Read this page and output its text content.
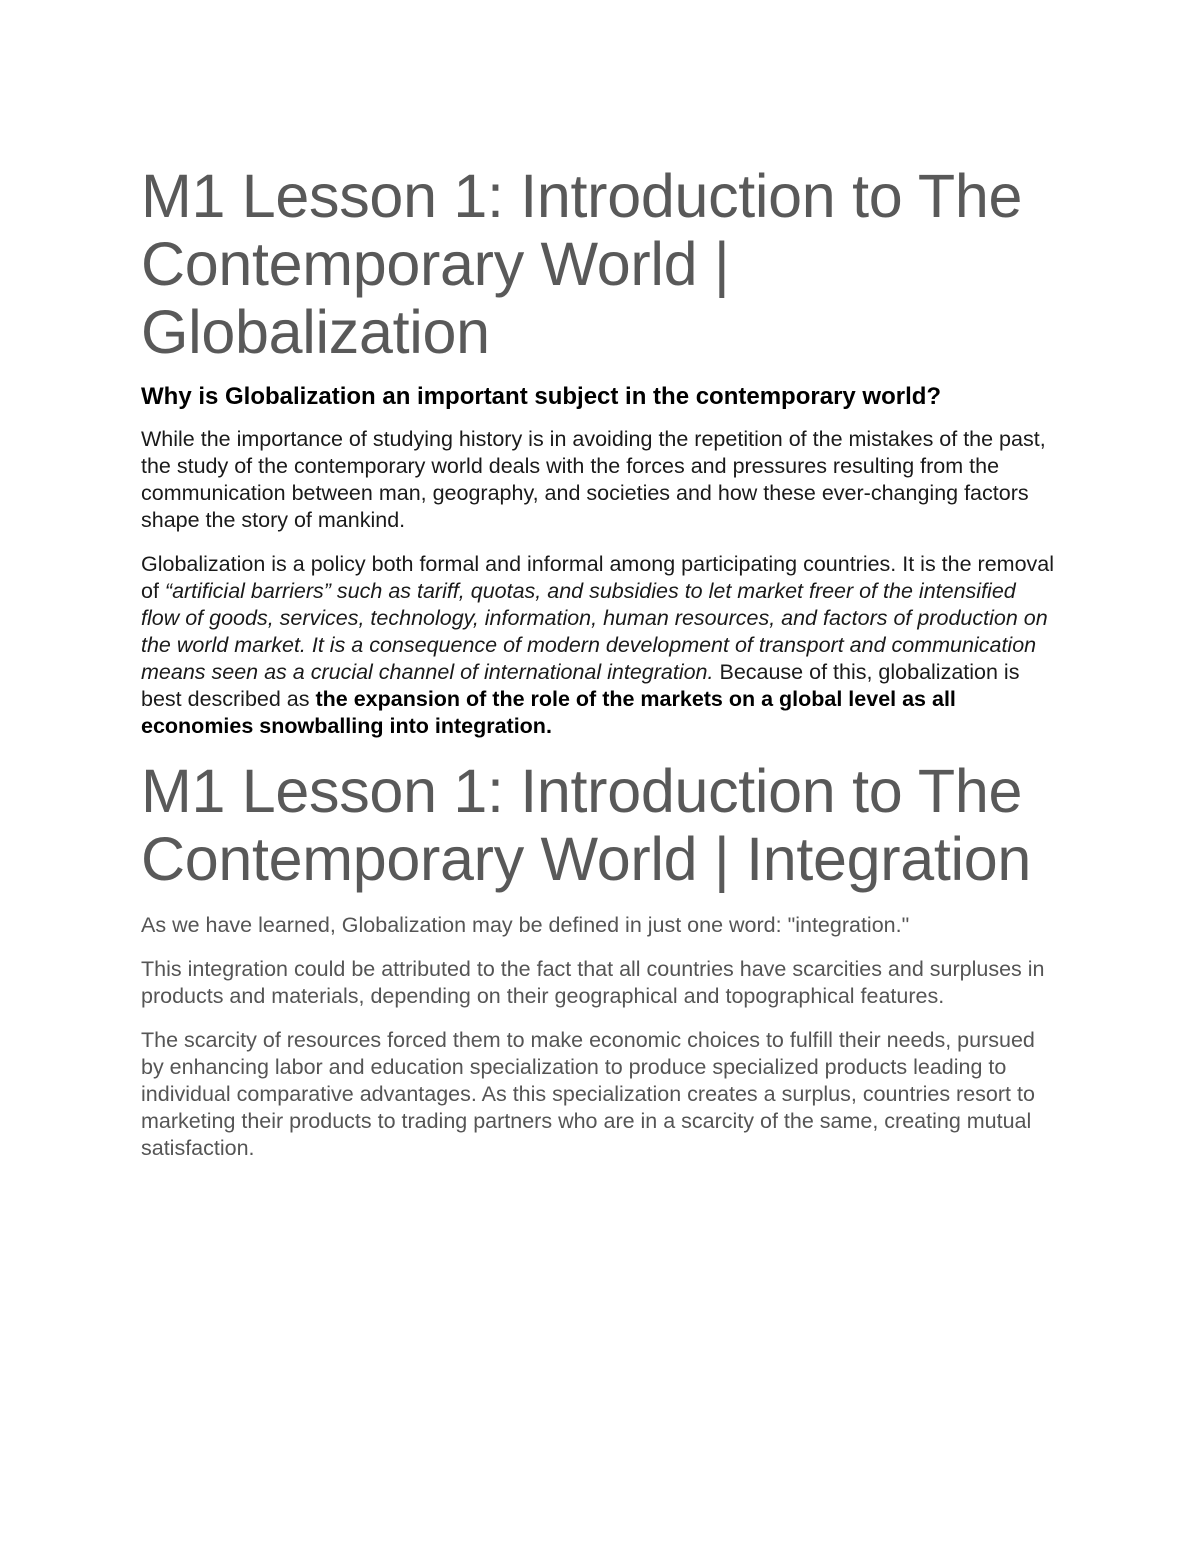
M1 Lesson 1: Introduction to The Contemporary World | Globalization
Why is Globalization an important subject in the contemporary world?

While the importance of studying history is in avoiding the repetition of the mistakes of the past, the study of the contemporary world deals with the forces and pressures resulting from the communication between man, geography, and societies and how these ever-changing factors shape the story of mankind.

Globalization is a policy both formal and informal among participating countries. It is the removal of “artificial barriers” such as tariff, quotas, and subsidies to let market freer of the intensified flow of goods, services, technology, information, human resources, and factors of production on the world market. It is a consequence of modern development of transport and communication means seen as a crucial channel of international integration. Because of this, globalization is best described as the expansion of the role of the markets on a global level as all economies snowballing into integration.

M1 Lesson 1: Introduction to The Contemporary World | Integration

As we have learned, Globalization may be defined in just one word: "integration."

This integration could be attributed to the fact that all countries have scarcities and surpluses in products and materials, depending on their geographical and topographical features.

The scarcity of resources forced them to make economic choices to fulfill their needs, pursued by enhancing labor and education specialization to produce specialized products leading to individual comparative advantages. As this specialization creates a surplus, countries resort to marketing their products to trading partners who are in a scarcity of the same, creating mutual satisfaction.
